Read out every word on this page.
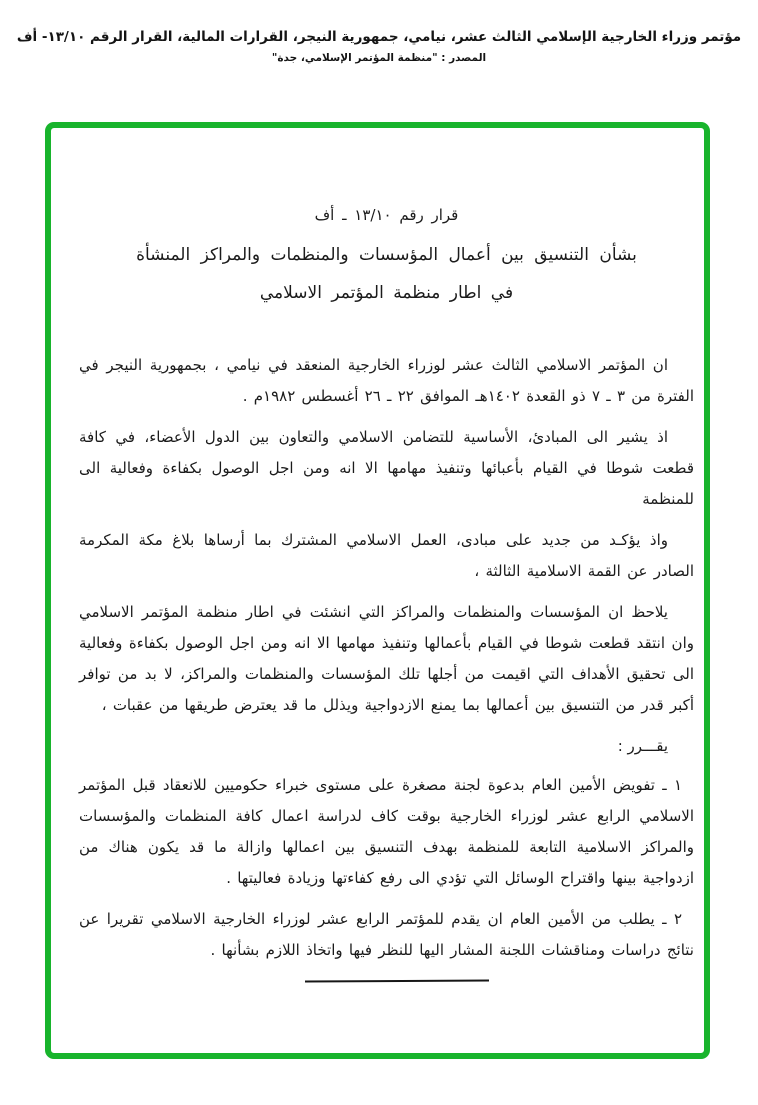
مؤتمر وزراء الخارجية الإسلامي الثالث عشر، نيامي، جمهورية النيجر، القرارات المالية، القرار الرقم ١٣/١٠- أف
المصدر : "منظمة المؤتمر الإسلامي، جدة"
قرار رقم ١٣/١٠ ـ أف
بشأن التنسيق بين أعمال المؤسسات والمنظمات والمراكز المنشأة
في اطار منظمة المؤتمر الاسلامي

ان المؤتمر الاسلامي الثالث عشر لوزراء الخارجية المنعقد في نيامي ، بجمهورية النيجر في الفترة من ٣ ـ ٧ ذو القعدة ١٤٠٢هـ الموافق ٢٢ ـ ٢٦ أغسطس ١٩٨٢م .

اذ يشير الى المبادئ، الأساسية للتضامن الاسلامي والتعاون بين الدول الأعضاء، في كافة قطعت شوطا في القيام بأعبائها وتنفيذ مهامها الا انه ومن اجل الوصول بكفاءة وفعالية الى للمنظمة

واذ يؤكـد من جديد على مبادى، العمل الاسلامي المشترك بما أرساها بلاغ مكة المكرمة الصادر عن القمة الاسلامية الثالثة ،

يلاحظ ان المؤسسات والمنظمات والمراكز التي انشئت في اطار منظمة المؤتمر الاسلامي وان انتقد قطعت شوطا في القيام بأعمالها وتنفيذ مهامها الا انه ومن اجل الوصول بكفاءة وفعالية الى تحقيق الأهداف التي اقيمت من أجلها تلك المؤسسات والمنظمات والمراكز، لا بد من توافر أكبر قدر من التنسيق بين أعمالها بما يمنع الازدواجية ويذلل ما قد يعترض طريقها من عقبات ،

يقـــرر :

١ ـ تفويض الأمين العام بدعوة لجنة مصغرة على مستوى خبراء حكوميين للانعقاد قبل المؤتمر الاسلامي الرابع عشر لوزراء الخارجية بوقت كاف لدراسة اعمال كافة المنظمات والمؤسسات والمراكز الاسلامية التابعة للمنظمة بهدف التنسيق بين اعمالها وازالة ما قد يكون هناك من ازدواجية بينها واقتراح الوسائل التي تؤدي الى رفع كفاءتها وزيادة فعاليتها .

٢ ـ يطلب من الأمين العام ان يقدم للمؤتمر الرابع عشر لوزراء الخارجية الاسلامي تقريرا عن نتائج دراسات ومناقشات اللجنة المشار اليها للنظر فيها واتخاذ اللازم بشأنها .
